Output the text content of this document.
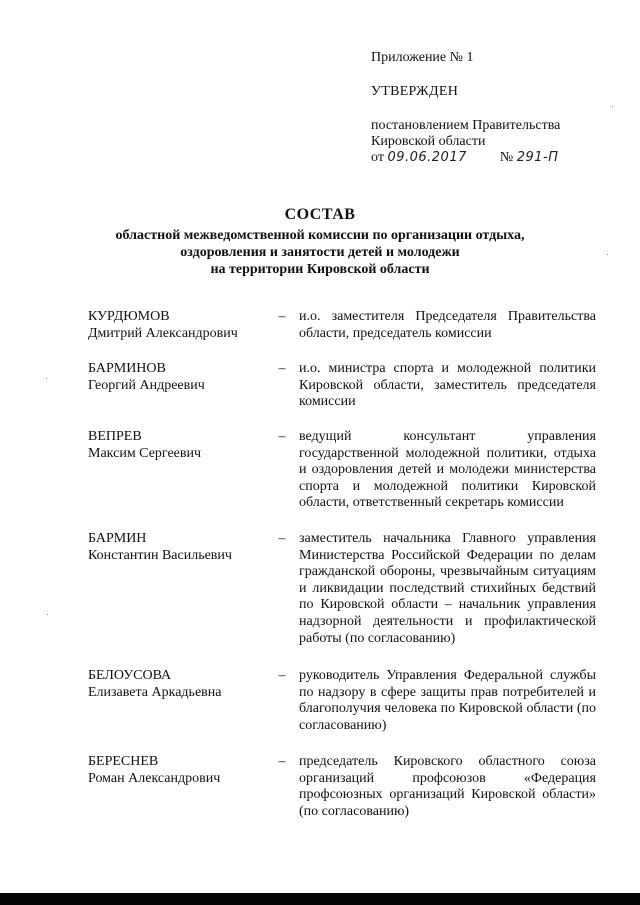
Приложение № 1
УТВЕРЖДЕН
постановлением Правительства
Кировской области
от 09.06.2017 № 291-П
СОСТАВ
областной межведомственной комиссии по организации отдыха,
оздоровления и занятости детей и молодежи
на территории Кировской области
КУРДЮМОВ
Дмитрий Александрович
– и.о. заместителя Председателя Правительства области, председатель комиссии
БАРМИНОВ
Георгий Андреевич
– и.о. министра спорта и молодежной политики Кировской области, заместитель председателя комиссии
ВЕПРЕВ
Максим Сергеевич
– ведущий консультант управления государственной молодежной политики, отдыха и оздоровления детей и молодежи министерства спорта и молодежной политики Кировской области, ответственный секретарь комиссии
БАРМИН
Константин Васильевич
– заместитель начальника Главного управления Министерства Российской Федерации по делам гражданской обороны, чрезвычайным ситуациям и ликвидации последствий стихийных бедствий по Кировской области – начальник управления надзорной деятельности и профилактической работы (по согласованию)
БЕЛОУСОВА
Елизавета Аркадьевна
– руководитель Управления Федеральной службы по надзору в сфере защиты прав потребителей и благополучия человека по Кировской области (по согласованию)
БЕРЕСНЕВ
Роман Александрович
– председатель Кировского областного союза организаций профсоюзов «Федерация профсоюзных организаций Кировской области» (по согласованию)
